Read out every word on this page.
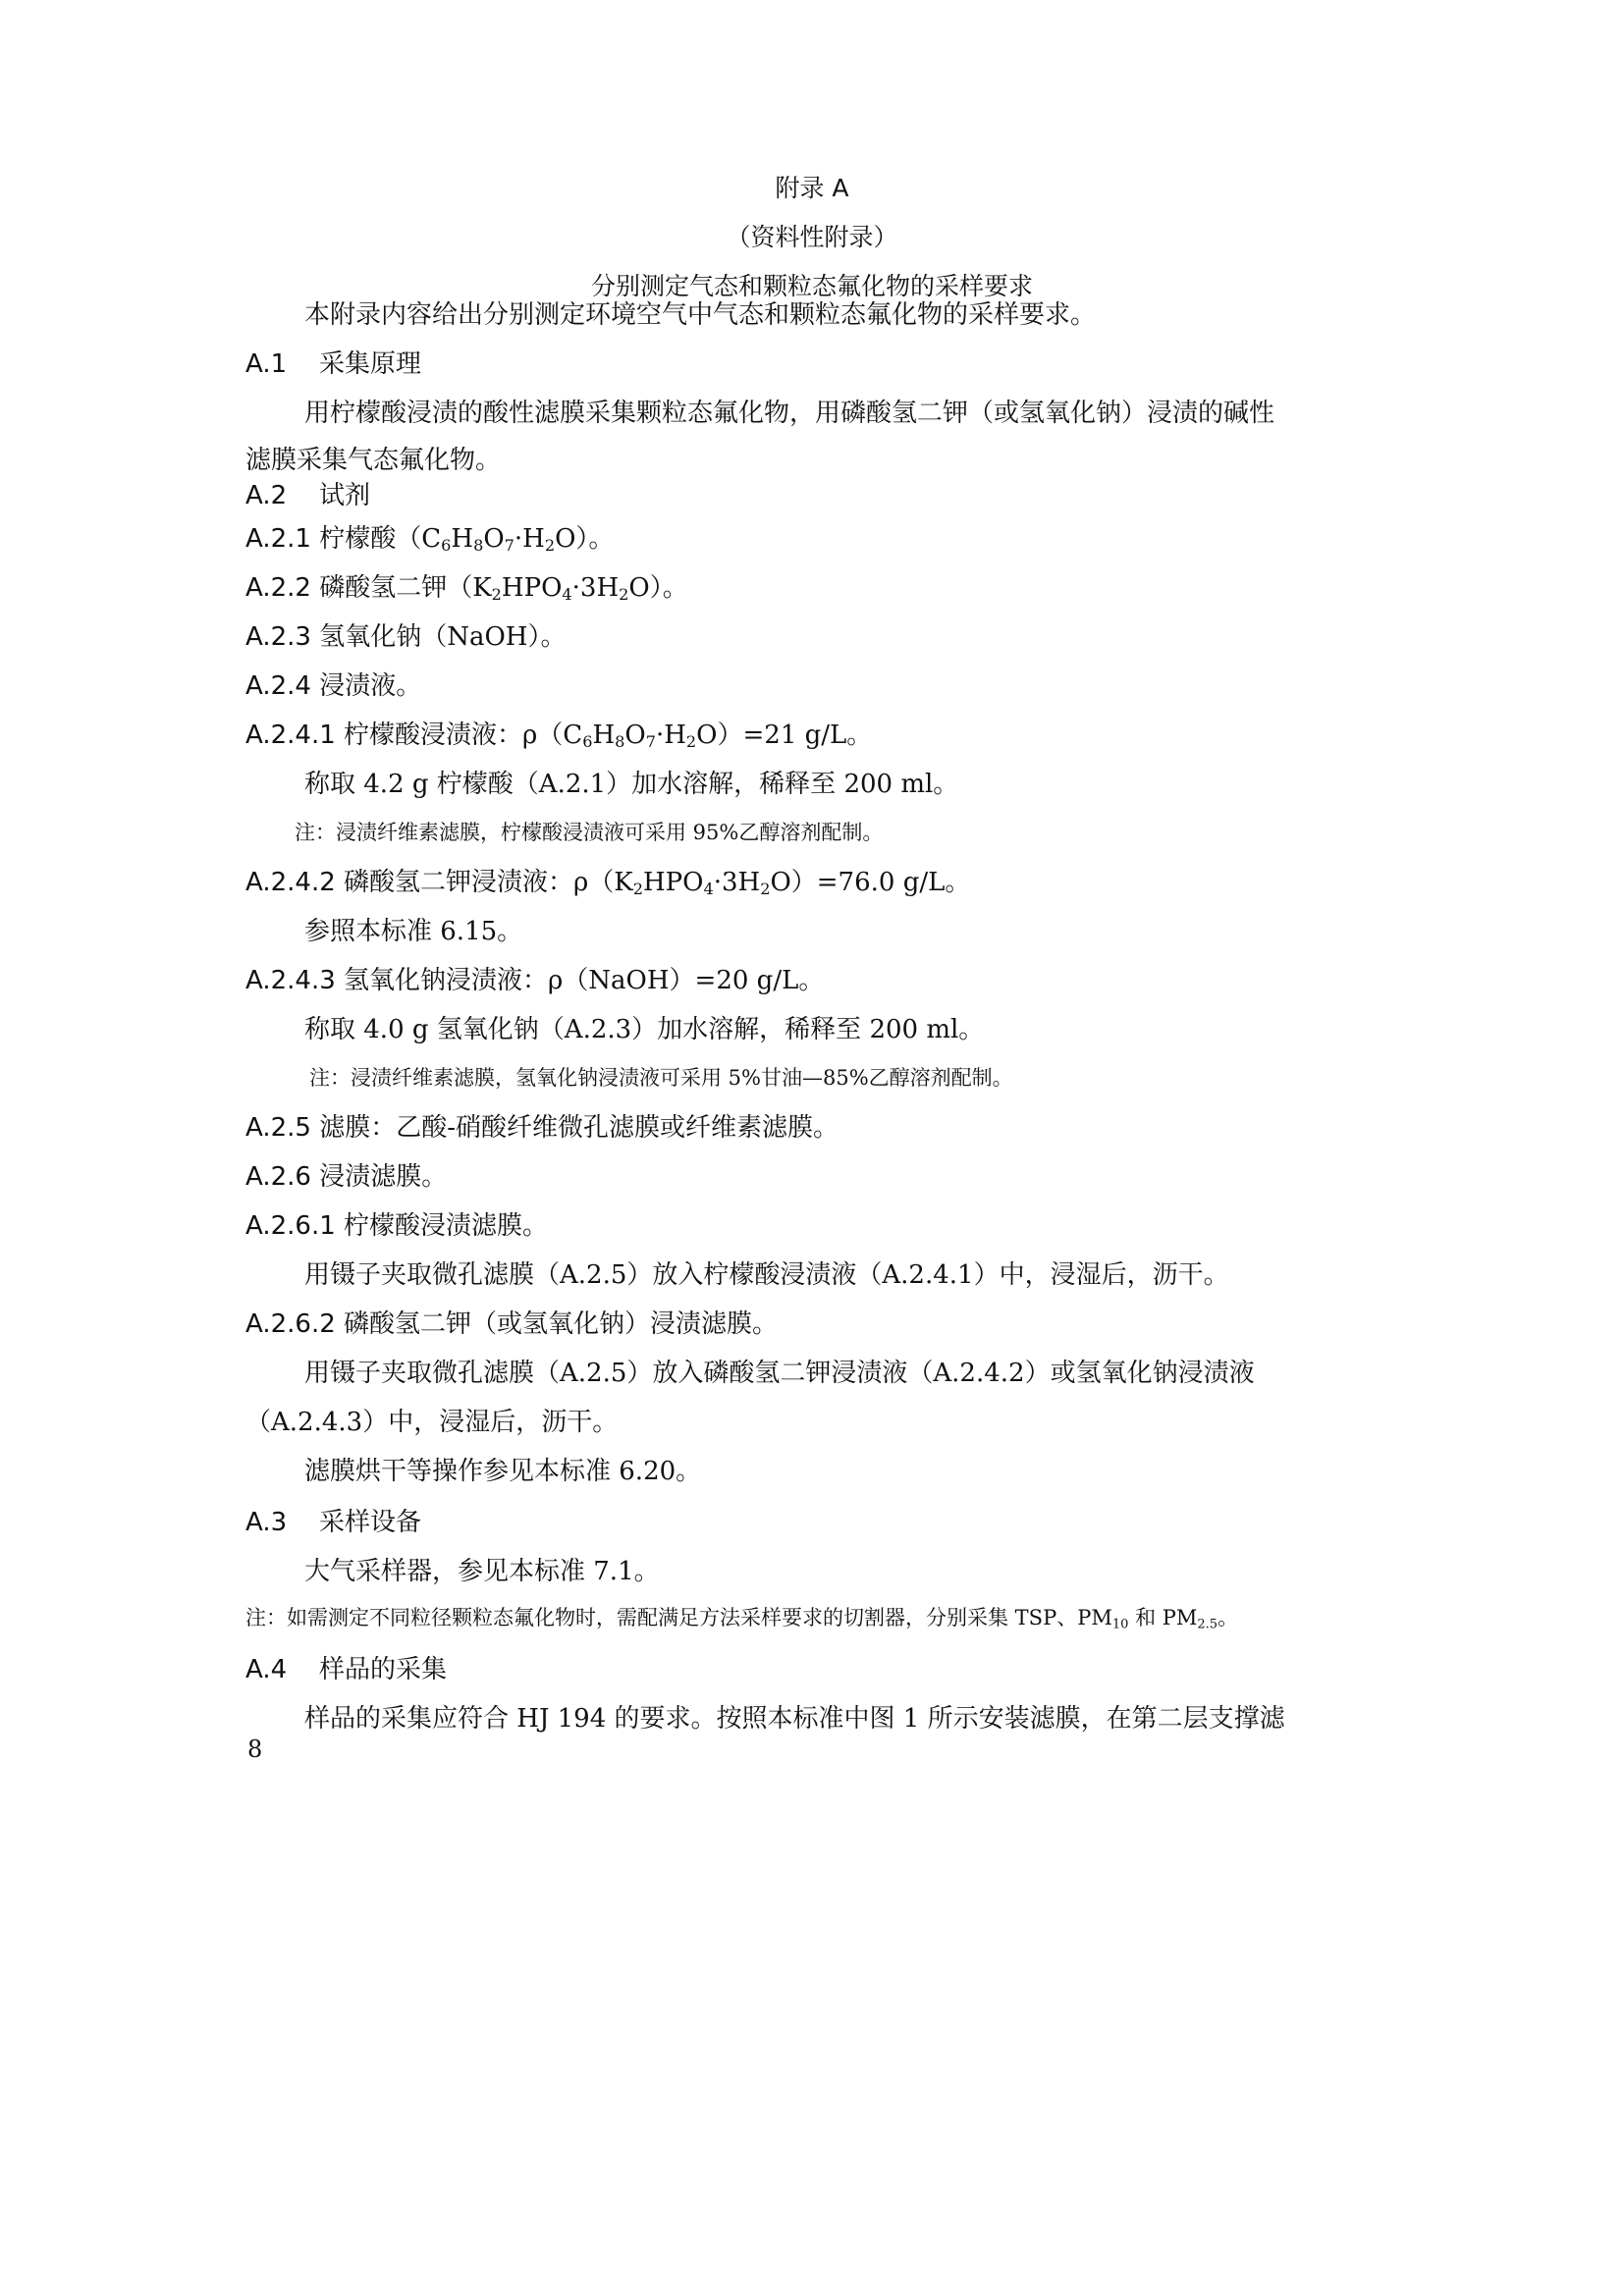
附录 A
（资料性附录）
分别测定气态和颗粒态氟化物的采样要求
本附录内容给出分别测定环境空气中气态和颗粒态氟化物的采样要求。
A.1 采集原理
用柠檬酸浸渍的酸性滤膜采集颗粒态氟化物，用磷酸氢二钾（或氢氧化钠）浸渍的碱性
滤膜采集气态氟化物。
A.2 试剂
A.2.1 柠檬酸$(C_6H_8O_7\cdot H_2O)$。
A.2.2 磷酸氢二钾$(K_2HPO_4\cdot 3H_2O)$。
A.2.3 氢氧化钠（NaOH）。
A.2.4 浸渍液。
A.2.4.1 柠檬酸浸渍液：$\rho(C_6H_8O_7\cdot H_2O)=21$ g/L。
称取 4.2 g 柠檬酸（A.2.1）加水溶解，稀释至 200 ml。
注：浸渍纤维素滤膜，柠檬酸浸渍液可采用 95%乙醇溶剂配制。
A.2.4.2 磷酸氢二钾浸渍液：$\rho(K_2HPO_4\cdot 3H_2O)=76.0$ g/L。
参照本标准 6.15。
A.2.4.3 氢氧化钠浸渍液：ρ（NaOH）=20 g/L。
称取 4.0 g 氢氧化钠（A.2.3）加水溶解，稀释至 200 ml。
注：浸渍纤维素滤膜，氢氧化钠浸渍液可采用 5%甘油—85%乙醇溶剂配制。
A.2.5 滤膜：乙酸-硝酸纤维微孔滤膜或纤维素滤膜。
A.2.6 浸渍滤膜。
A.2.6.1 柠檬酸浸渍滤膜。
用镊子夹取微孔滤膜（A.2.5）放入柠檬酸浸渍液（A.2.4.1）中，浸湿后，沥干。
A.2.6.2 磷酸氢二钾（或氢氧化钠）浸渍滤膜。
用镊子夹取微孔滤膜（A.2.5）放入磷酸氢二钾浸渍液（A.2.4.2）或氢氧化钠浸渍液
（A.2.4.3）中，浸湿后，沥干。
滤膜烘干等操作参见本标准 6.20。
A.3 采样设备
大气采样器，参见本标准 7.1。
注：如需测定不同粒径颗粒态氟化物时，需配满足方法采样要求的切割器，分别采集 TSP、$PM_{10}$ 和 $PM_{2.5}$。
A.4 样品的采集
样品的采集应符合 HJ 194 的要求。按照本标准中图 1 所示安装滤膜，在第二层支撑滤
8
